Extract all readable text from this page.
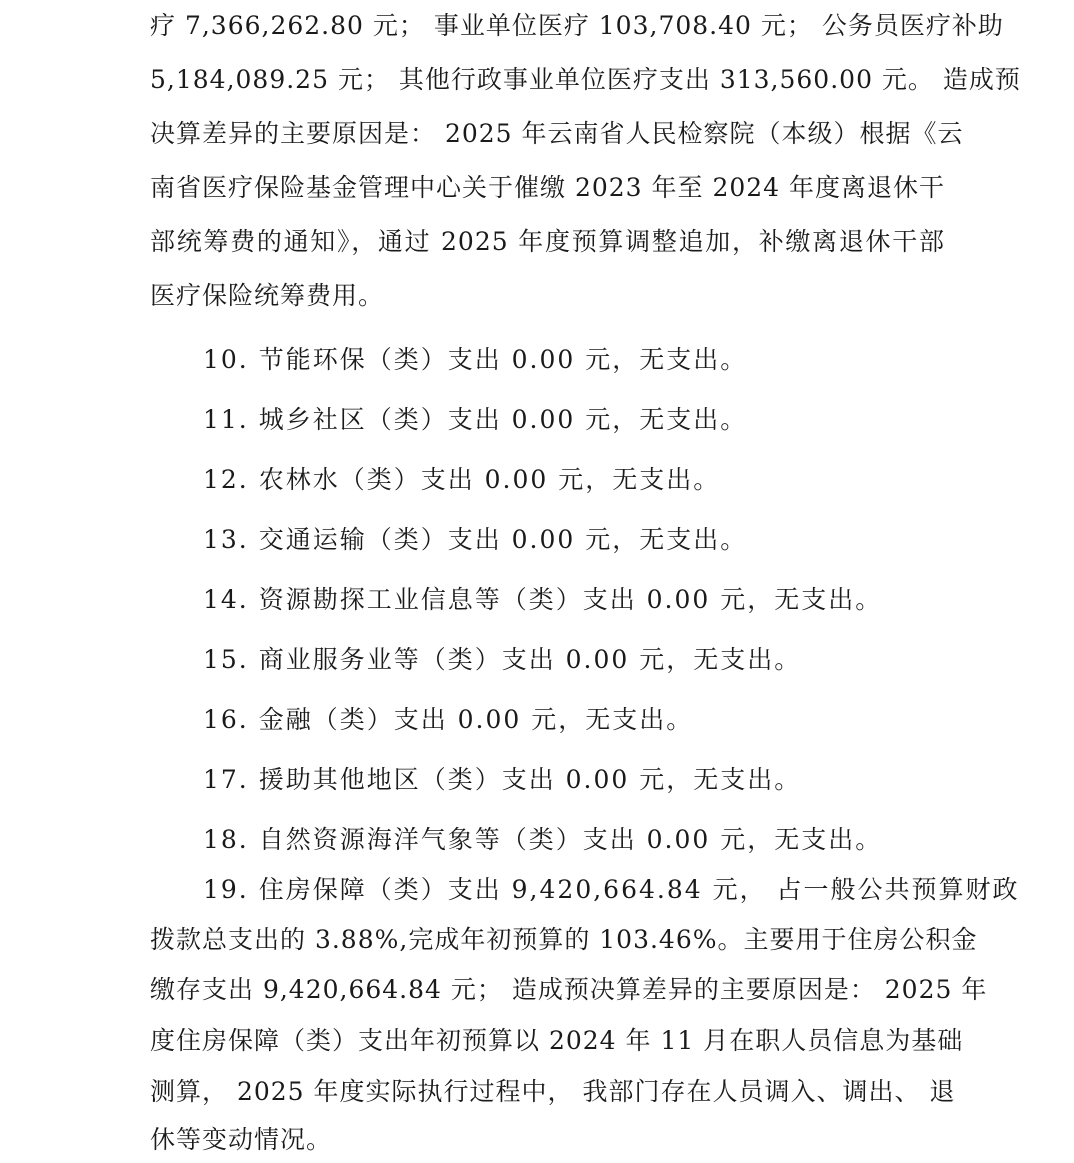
疗 7,366,262.80 元； 事业单位医疗 103,708.40 元； 公务员医疗补助
5,184,089.25 元； 其他行政事业单位医疗支出 313,560.00 元。 造成预
决算差异的主要原因是： 2025 年云南省人民检察院（本级）根据《云
南省医疗保险基金管理中心关于催缴 2023 年至 2024 年度离退休干
部统筹费的通知》，通过 2025 年度预算调整追加，补缴离退休干部
医疗保险统筹费用。
10. 节能环保（类）支出 0.00 元，无支出。
11. 城乡社区（类）支出 0.00 元，无支出。
12. 农林水（类）支出 0.00 元，无支出。
13. 交通运输（类）支出 0.00 元，无支出。
14. 资源勘探工业信息等（类）支出 0.00 元，无支出。
15. 商业服务业等（类）支出 0.00 元，无支出。
16. 金融（类）支出 0.00 元，无支出。
17. 援助其他地区（类）支出 0.00 元，无支出。
18. 自然资源海洋气象等（类）支出 0.00 元，无支出。
19. 住房保障（类）支出 9,420,664.84 元， 占一般公共预算财政
拨款总支出的 3.88%,完成年初预算的 103.46%。主要用于住房公积金
缴存支出 9,420,664.84 元； 造成预决算差异的主要原因是： 2025 年
度住房保障（类）支出年初预算以 2024 年 11 月在职人员信息为基础
测算， 2025 年度实际执行过程中， 我部门存在人员调入、调出、 退
休等变动情况。
